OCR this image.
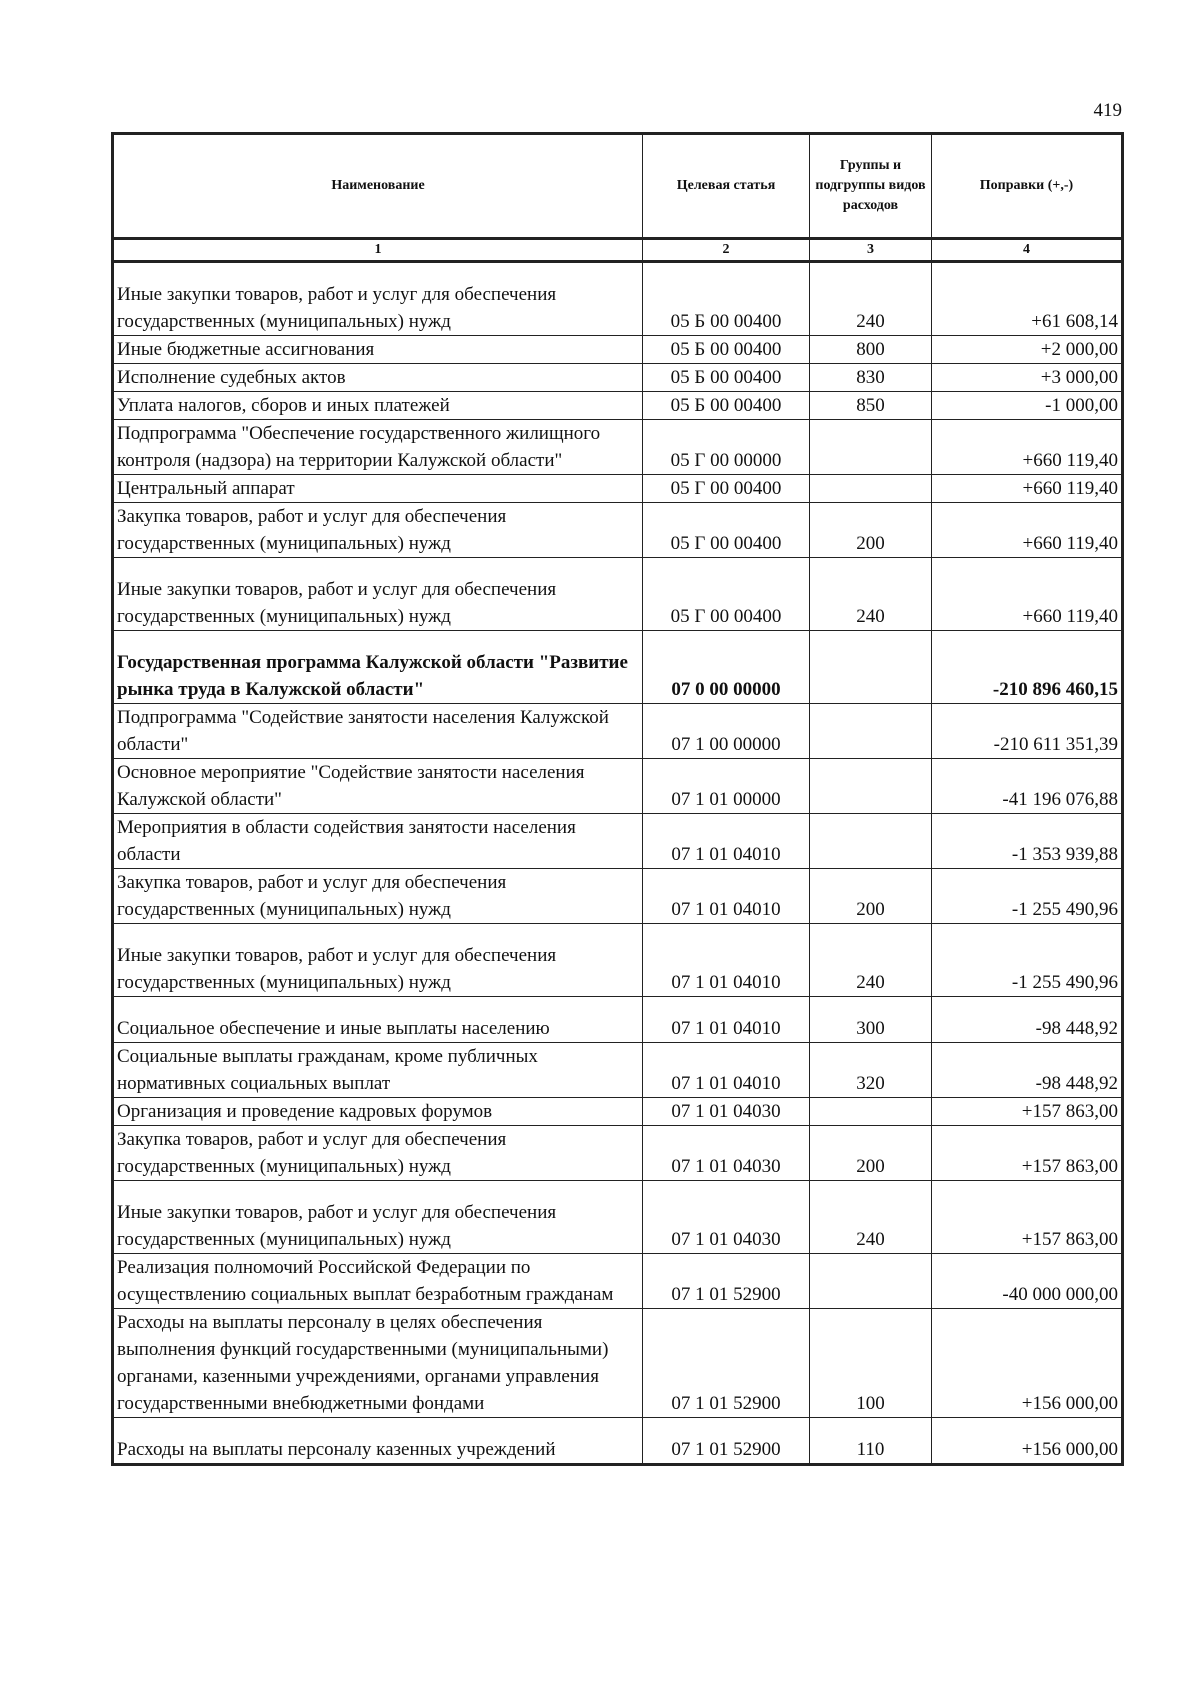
419
Наименование	Целевая статья	Группы и подгруппы видов расходов	Поправки (+,-)
1	2	3	4
Иные закупки товаров, работ и услуг для обеспечения государственных (муниципальных) нужд	05 Б 00 00400	240	+61 608,14
Иные бюджетные ассигнования	05 Б 00 00400	800	+2 000,00
Исполнение судебных актов	05 Б 00 00400	830	+3 000,00
Уплата налогов, сборов и иных платежей	05 Б 00 00400	850	-1 000,00
Подпрограмма "Обеспечение государственного жилищного контроля (надзора) на территории Калужской области"	05 Г 00 00000		+660 119,40
Центральный аппарат	05 Г 00 00400		+660 119,40
Закупка товаров, работ и услуг для обеспечения государственных (муниципальных) нужд	05 Г 00 00400	200	+660 119,40
Иные закупки товаров, работ и услуг для обеспечения государственных (муниципальных) нужд	05 Г 00 00400	240	+660 119,40
Государственная программа Калужской области "Развитие рынка труда в Калужской области"	07 0 00 00000		-210 896 460,15
Подпрограмма "Содействие занятости населения Калужской области"	07 1 00 00000		-210 611 351,39
Основное мероприятие "Содействие занятости населения Калужской области"	07 1 01 00000		-41 196 076,88
Мероприятия в области содействия занятости населения области	07 1 01 04010		-1 353 939,88
Закупка товаров, работ и услуг для обеспечения государственных (муниципальных) нужд	07 1 01 04010	200	-1 255 490,96
Иные закупки товаров, работ и услуг для обеспечения государственных (муниципальных) нужд	07 1 01 04010	240	-1 255 490,96
Социальное обеспечение и иные выплаты населению	07 1 01 04010	300	-98 448,92
Социальные выплаты гражданам, кроме публичных нормативных социальных выплат	07 1 01 04010	320	-98 448,92
Организация и проведение кадровых форумов	07 1 01 04030		+157 863,00
Закупка товаров, работ и услуг для обеспечения государственных (муниципальных) нужд	07 1 01 04030	200	+157 863,00
Иные закупки товаров, работ и услуг для обеспечения государственных (муниципальных) нужд	07 1 01 04030	240	+157 863,00
Реализация полномочий Российской Федерации по осуществлению социальных выплат безработным гражданам	07 1 01 52900		-40 000 000,00
Расходы на выплаты персоналу в целях обеспечения выполнения функций государственными (муниципальными) органами, казенными учреждениями, органами управления государственными внебюджетными фондами	07 1 01 52900	100	+156 000,00
Расходы на выплаты персоналу казенных учреждений	07 1 01 52900	110	+156 000,00
